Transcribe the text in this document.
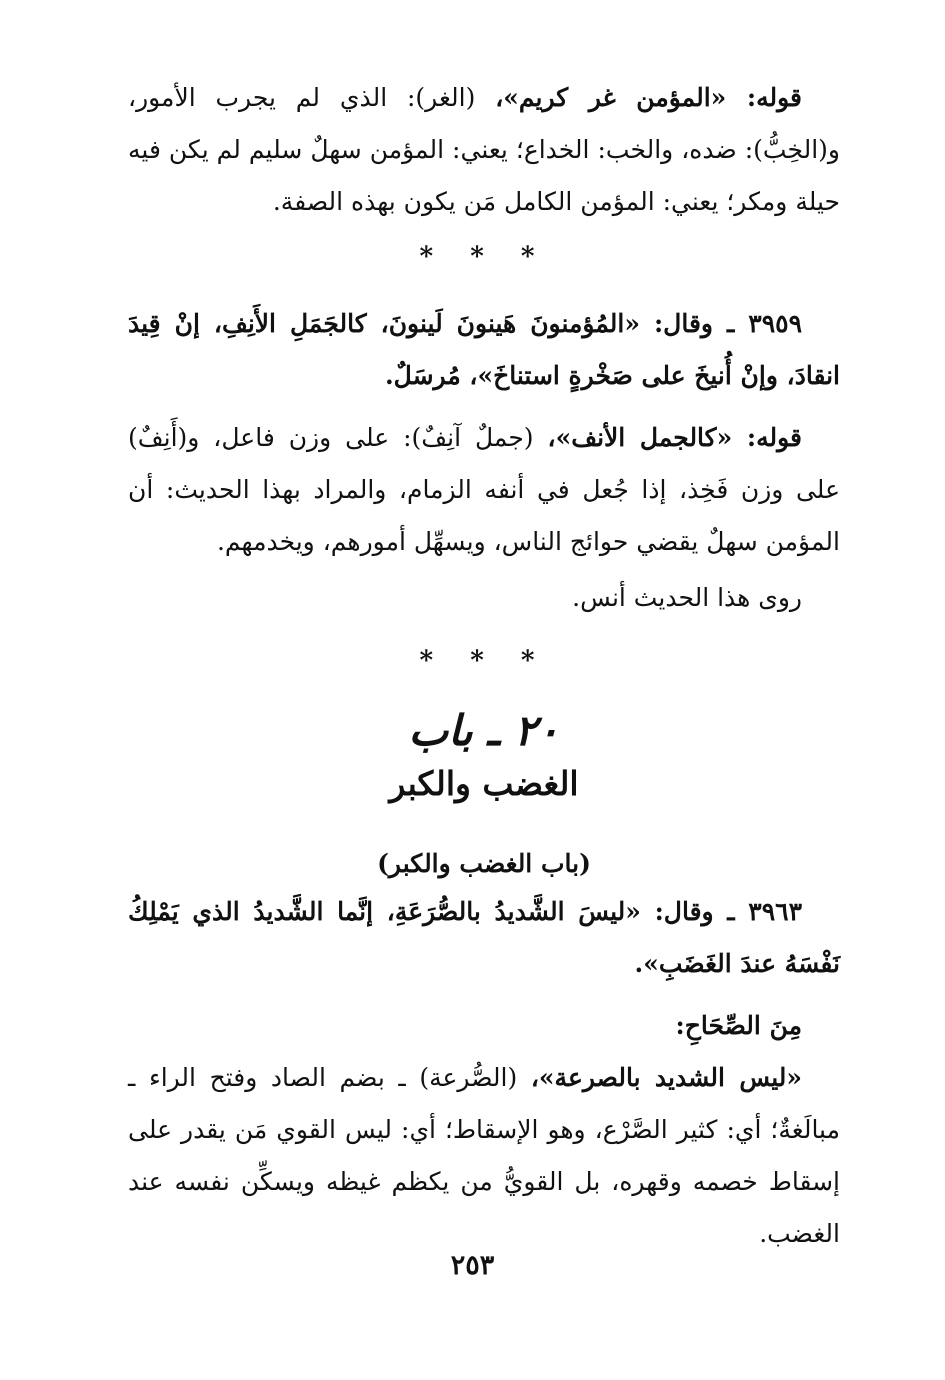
قوله: «المؤمن غر كريم»، (الغر): الذي لم يجرب الأمور، و(الخِبُّ): ضده، والخب: الخداع؛ يعني: المؤمن سهلٌ سليم لم يكن فيه حيلة ومكر؛ يعني: المؤمن الكامل مَن يكون بهذه الصفة.

* * *

٣٩٥٩ ـ وقال: «المُؤمنونَ هَينونَ لَينونَ، كالجَمَلِ الأَنِفِ، إنْ قِيدَ انقادَ، وإنْ أُنيخَ على صَخْرةٍ استناخَ»، مُرسَلٌ.

قوله: «كالجمل الأنف»، (جملٌ آنِفٌ): على وزن فاعل، و(أَنِفٌ) على وزن فَخِذ، إذا جُعل في أنفه الزمام، والمراد بهذا الحديث: أن المؤمن سهلٌ يقضي حوائج الناس، ويسهِّل أمورهم، ويخدمهم.

روى هذا الحديث أنس.

* * *
٢٠ ـ باب
الغضب والكبر
(باب الغضب والكبر)

٣٩٦٣ ـ وقال: «ليسَ الشَّديدُ بالصُّرَعَةِ، إنَّما الشَّديدُ الذي يَمْلِكُ نَفْسَهُ عندَ الغَضَبِ».

مِنَ الصِّحَاحِ:

«ليس الشديد بالصرعة»، (الصُّرعة) ـ بضم الصاد وفتح الراء ـ مبالَغةٌ؛ أي: كثير الصَّرْع، وهو الإسقاط؛ أي: ليس القوي مَن يقدر على إسقاط خصمه وقهره، بل القويُّ من يكظم غيظه ويسكِّن نفسه عند الغضب.

٢٥٣
